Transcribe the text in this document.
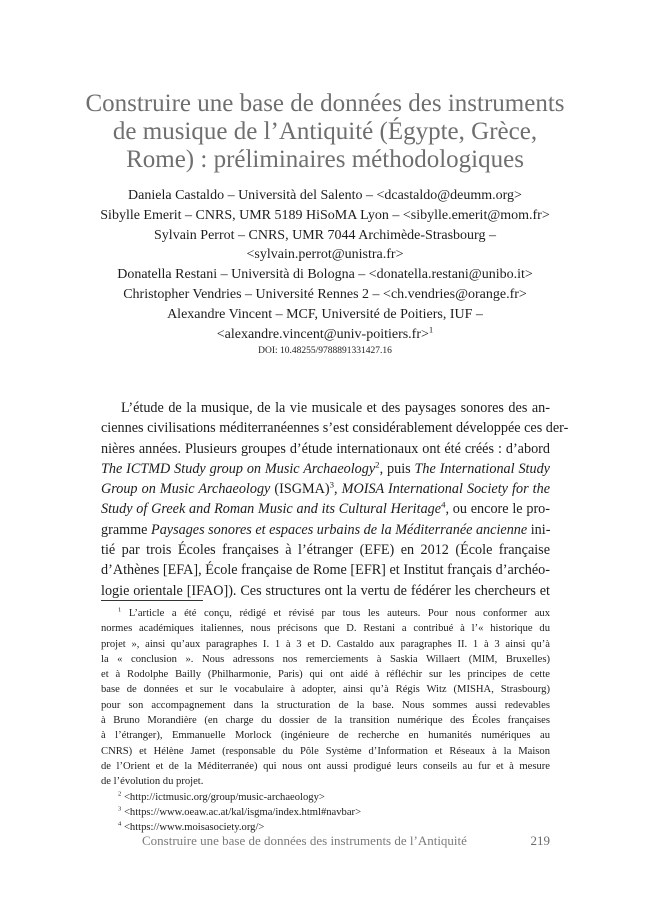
Construire une base de données des instruments
de musique de l’Antiquité (Égypte, Grèce,
Rome) : préliminaires méthodologiques
Daniela Castaldo – Università del Salento – <dcastaldo@deumm.org>
Sibylle Emerit – CNRS, UMR 5189 HiSoMA Lyon – <sibylle.emerit@mom.fr>
Sylvain Perrot – CNRS, UMR 7044 Archimède-Strasbourg –
<sylvain.perrot@unistra.fr>
Donatella Restani – Università di Bologna – <donatella.restani@unibo.it>
Christopher Vendries – Université Rennes 2 – <ch.vendries@orange.fr>
Alexandre Vincent – MCF, Université de Poitiers, IUF –
<alexandre.vincent@univ-poitiers.fr>$^1$
DOI: 10.48255/9788891331427.16
L’étude de la musique, de la vie musicale et des paysages sonores des an-
ciennes civilisations méditerranéennes s’est considérablement développée ces der-
nières années. Plusieurs groupes d’étude internationaux ont été créés : d’abord
The ICTMD Study group on Music Archaeology$^2$, puis The International Study
Group on Music Archaeology (ISGMA)$^3$, MOISA International Society for the
Study of Greek and Roman Music and its Cultural Heritage$^4$, ou encore le pro-
gramme Paysages sonores et espaces urbains de la Méditerranée ancienne ini-
tié par trois Écoles françaises à l’étranger (EFE) en 2012 (École française
d’Athènes [EFA], École française de Rome [EFR] et Institut français d’archéo-
logie orientale [IFAO]). Ces structures ont la vertu de fédérer les chercheurs et
$^1$ L’article a été conçu, rédigé et révisé par tous les auteurs. Pour nous conformer aux
normes académiques italiennes, nous précisons que D. Restani a contribué à l’« historique du
projet », ainsi qu’aux paragraphes I. 1 à 3 et D. Castaldo aux paragraphes II. 1 à 3 ainsi qu’à
la « conclusion ». Nous adressons nos remerciements à Saskia Willaert (MIM, Bruxelles)
et à Rodolphe Bailly (Philharmonie, Paris) qui ont aidé à réfléchir sur les principes de cette
base de données et sur le vocabulaire à adopter, ainsi qu’à Régis Witz (MISHA, Strasbourg)
pour son accompagnement dans la structuration de la base. Nous sommes aussi redevables
à Bruno Morandière (en charge du dossier de la transition numérique des Écoles françaises
à l’étranger), Emmanuelle Morlock (ingénieure de recherche en humanités numériques au
CNRS) et Hélène Jamet (responsable du Pôle Système d’Information et Réseaux à la Maison
de l’Orient et de la Méditerranée) qui nous ont aussi prodigué leurs conseils au fur et à mesure
de l’évolution du projet.
$^2$ <http://ictmusic.org/group/music-archaeology>
$^3$ <https://www.oeaw.ac.at/kal/isgma/index.html#navbar>
$^4$ <https://www.moisasociety.org/>
Construire une base de données des instruments de l’Antiquité	219
